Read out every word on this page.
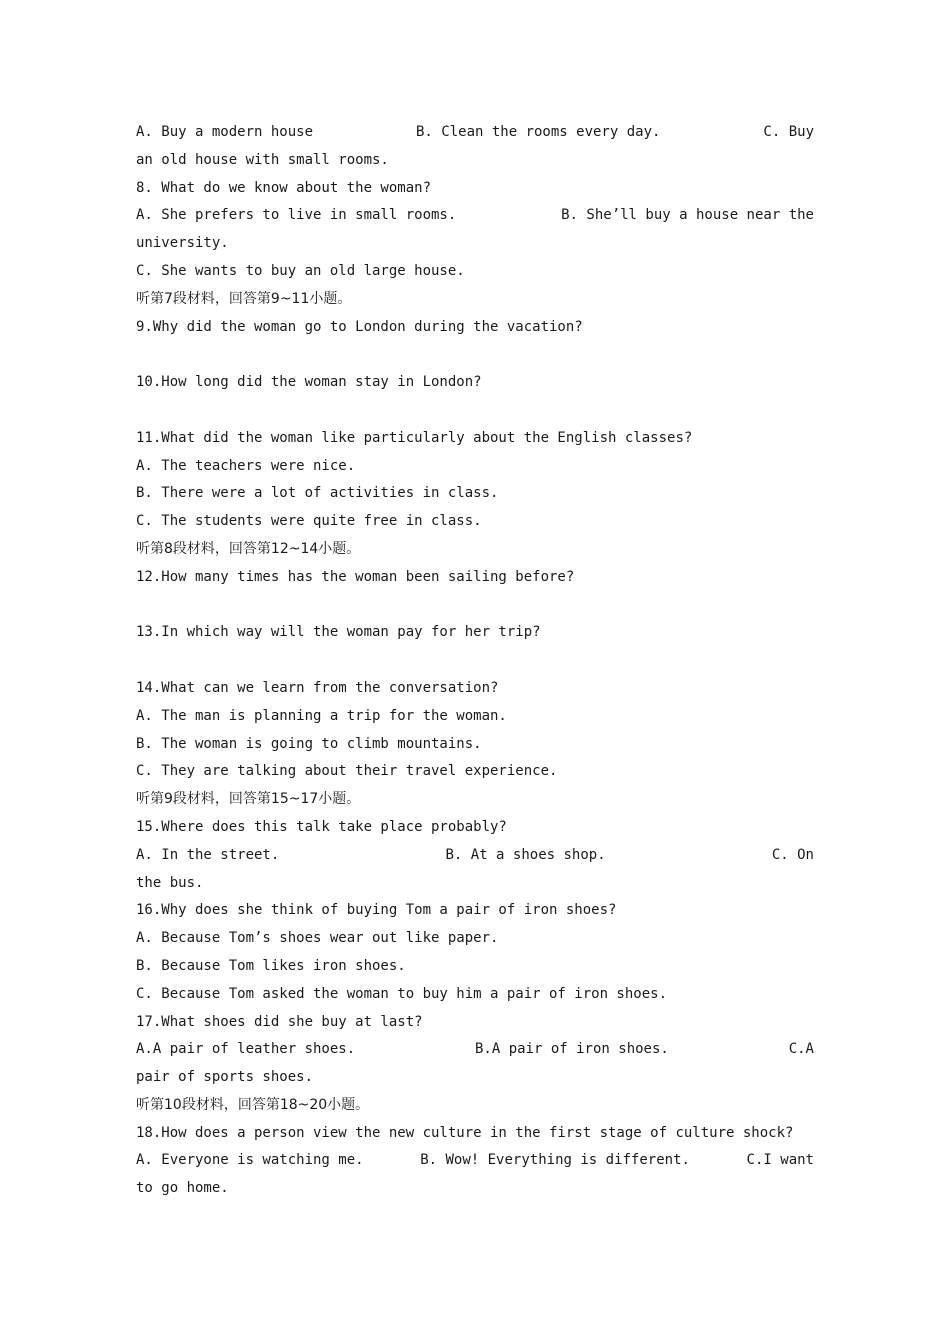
A. Buy a modern house	B. Clean the rooms every day.	C. Buy
an old house with small rooms.
8. What do we know about the woman?
A. She prefers to live in small rooms.	B. She’ll buy a house near the
university.
C. She wants to buy an old large house.
听第7段材料，回答第9~11小题。
9.Why did the woman go to London during the vacation?

10.How long did the woman stay in London?

11.What did the woman like particularly about the English classes?
A. The teachers were nice.
B. There were a lot of activities in class.
C. The students were quite free in class.
听第8段材料，回答第12~14小题。
12.How many times has the woman been sailing before?

13.In which way will the woman pay for her trip?

14.What can we learn from the conversation?
A. The man is planning a trip for the woman.
B. The woman is going to climb mountains.
C. They are talking about their travel experience.
听第9段材料，回答第15~17小题。
15.Where does this talk take place probably?
A. In the street.	B. At a shoes shop.	C. On
the bus.
16.Why does she think of buying Tom a pair of iron shoes?
A. Because Tom’s shoes wear out like paper.
B. Because Tom likes iron shoes.
C. Because Tom asked the woman to buy him a pair of iron shoes.
17.What shoes did she buy at last?
A.A pair of leather shoes.	B.A pair of iron shoes.	C.A
pair of sports shoes.
听第10段材料，回答第18~20小题。
18.How does a person view the new culture in the first stage of culture shock?
A. Everyone is watching me.	B. Wow! Everything is different.	C.I want
to go home.
